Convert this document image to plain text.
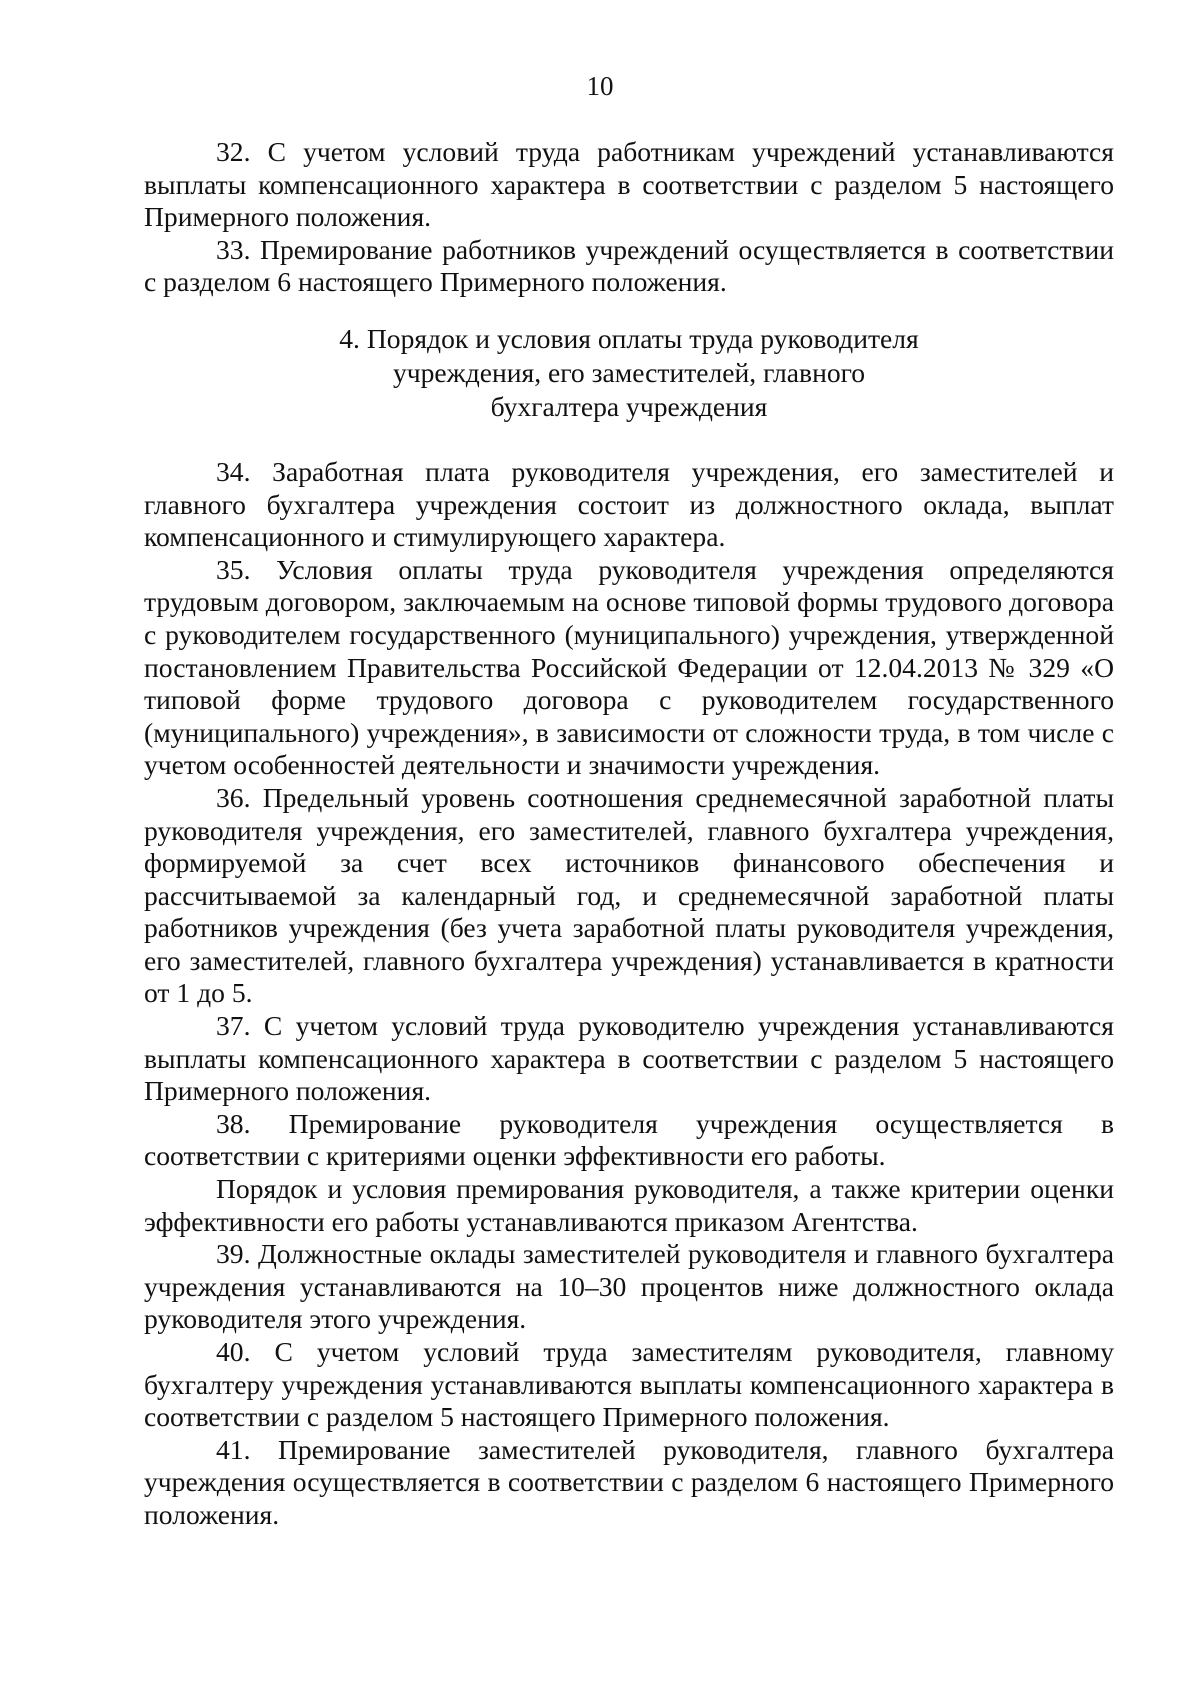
10

32. С учетом условий труда работникам учреждений устанавливаются выплаты компенсационного характера в соответствии с разделом 5 настоящего Примерного положения.

33. Премирование работников учреждений осуществляется в соответствии с разделом 6 настоящего Примерного положения.

4. Порядок и условия оплаты труда руководителя
учреждения, его заместителей, главного
бухгалтера учреждения

34. Заработная плата руководителя учреждения, его заместителей и главного бухгалтера учреждения состоит из должностного оклада, выплат компенсационного и стимулирующего характера.

35. Условия оплаты труда руководителя учреждения определяются трудовым договором, заключаемым на основе типовой формы трудового договора с руководителем государственного (муниципального) учреждения, утвержденной постановлением Правительства Российской Федерации от 12.04.2013 № 329 «О типовой форме трудового договора с руководителем государственного (муниципального) учреждения», в зависимости от сложности труда, в том числе с учетом особенностей деятельности и значимости учреждения.

36. Предельный уровень соотношения среднемесячной заработной платы руководителя учреждения, его заместителей, главного бухгалтера учреждения, формируемой за счет всех источников финансового обеспечения и рассчитываемой за календарный год, и среднемесячной заработной платы работников учреждения (без учета заработной платы руководителя учреждения, его заместителей, главного бухгалтера учреждения) устанавливается в кратности от 1 до 5.

37. С учетом условий труда руководителю учреждения устанавливаются выплаты компенсационного характера в соответствии с разделом 5 настоящего Примерного положения.

38. Премирование руководителя учреждения осуществляется в соответствии с критериями оценки эффективности его работы.

Порядок и условия премирования руководителя, а также критерии оценки эффективности его работы устанавливаются приказом Агентства.

39. Должностные оклады заместителей руководителя и главного бухгалтера учреждения устанавливаются на 10–30 процентов ниже должностного оклада руководителя этого учреждения.

40. С учетом условий труда заместителям руководителя, главному бухгалтеру учреждения устанавливаются выплаты компенсационного характера в соответствии с разделом 5 настоящего Примерного положения.

41. Премирование заместителей руководителя, главного бухгалтера учреждения осуществляется в соответствии с разделом 6 настоящего Примерного положения.
